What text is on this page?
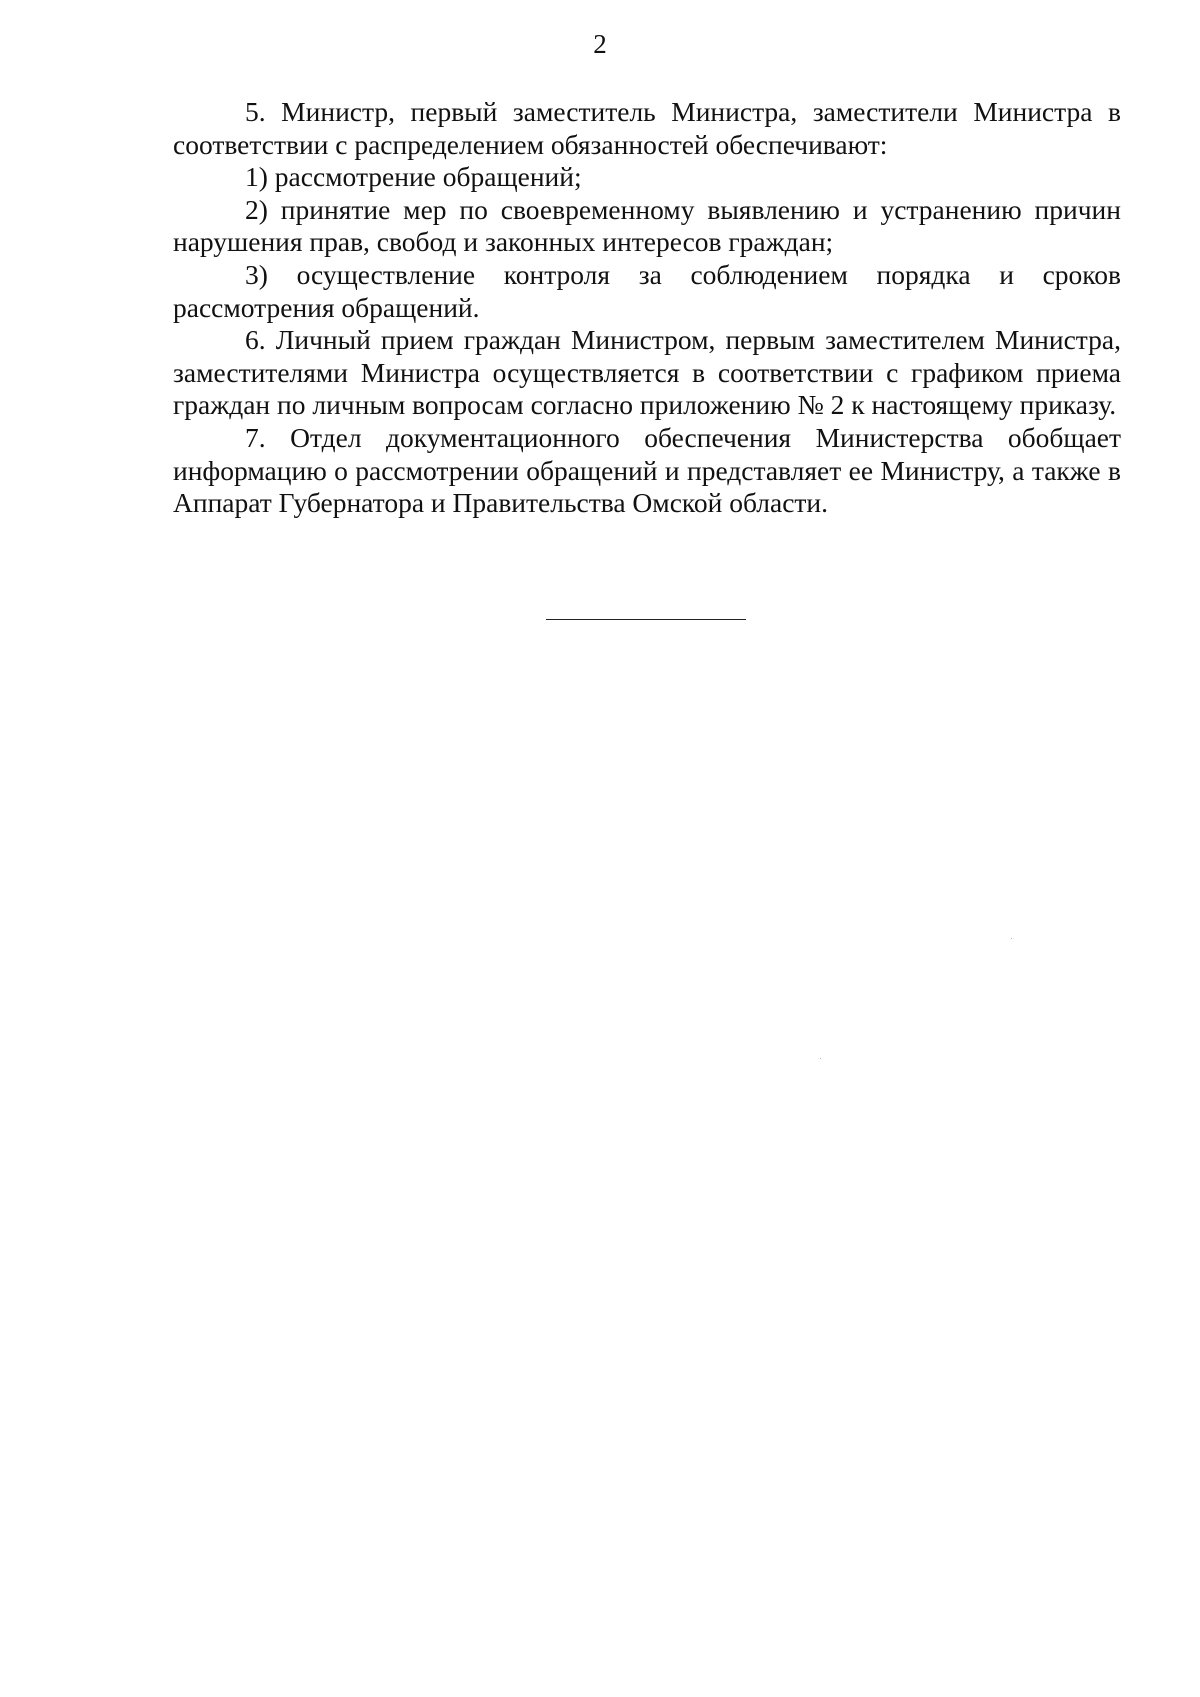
2

5. Министр, первый заместитель Министра, заместители Министра в соответствии с распределением обязанностей обеспечивают:

1) рассмотрение обращений;

2) принятие мер по своевременному выявлению и устранению причин нарушения прав, свобод и законных интересов граждан;

3) осуществление контроля за соблюдением порядка и сроков рассмотрения обращений.

6. Личный прием граждан Министром, первым заместителем Министра, заместителями Министра осуществляется в соответствии с графиком приема граждан по личным вопросам согласно приложению № 2 к настоящему приказу.

7. Отдел документационного обеспечения Министерства обобщает информацию о рассмотрении обращений и представляет ее Министру, а также в Аппарат Губернатора и Правительства Омской области.
